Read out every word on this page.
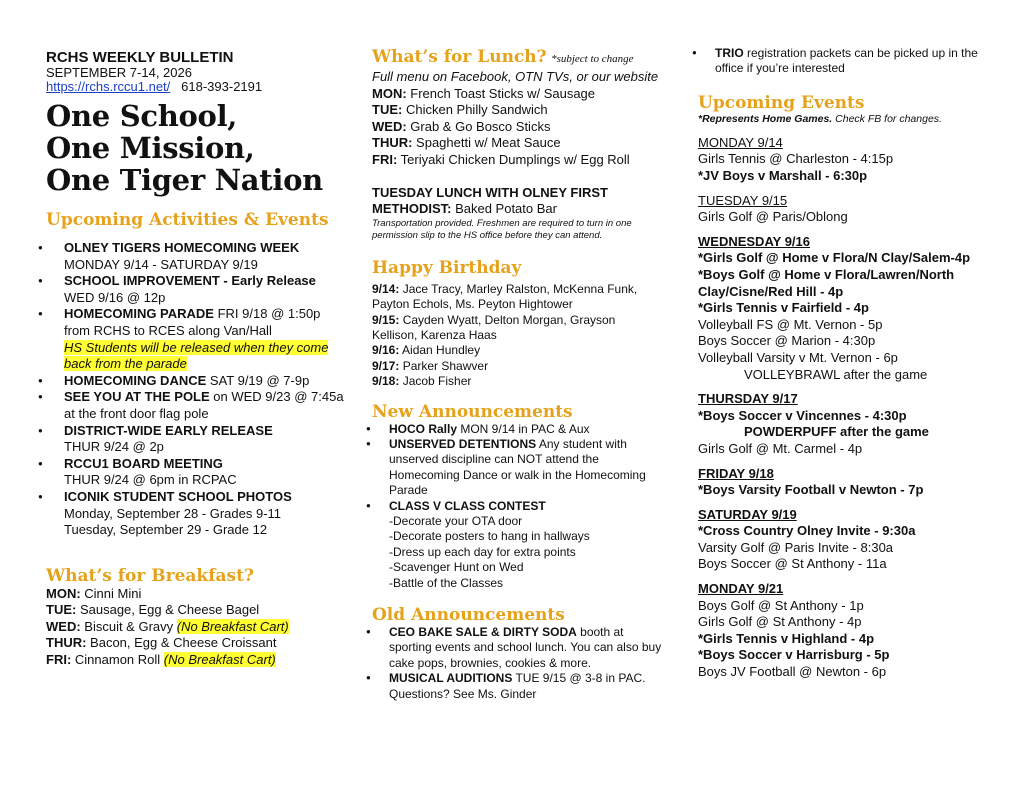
RCHS WEEKLY BULLETIN
SEPTEMBER 7-14, 2026
https://rchs.rccu1.net/ 618-393-2191
One School,
One Mission,
One Tiger Nation
Upcoming Activities & Events
● OLNEY TIGERS HOMECOMING WEEK
MONDAY 9/14 - SATURDAY 9/19
● SCHOOL IMPROVEMENT - Early Release
WED 9/16 @ 12p
● HOMECOMING PARADE FRI 9/18 @ 1:50p from RCHS to RCES along Van/Hall
HS Students will be released when they come back from the parade
● HOMECOMING DANCE SAT 9/19 @ 7-9p
● SEE YOU AT THE POLE on WED 9/23 @ 7:45a at the front door flag pole
● DISTRICT-WIDE EARLY RELEASE
THUR 9/24 @ 2p
● RCCU1 BOARD MEETING
THUR 9/24 @ 6pm in RCPAC
● ICONIK STUDENT SCHOOL PHOTOS
Monday, September 28 - Grades 9-11
Tuesday, September 29 - Grade 12
What’s for Breakfast?
MON: Cinni Mini
TUE: Sausage, Egg & Cheese Bagel
WED: Biscuit & Gravy (No Breakfast Cart)
THUR: Bacon, Egg & Cheese Croissant
FRI: Cinnamon Roll (No Breakfast Cart)
What’s for Lunch? *subject to change
Full menu on Facebook, OTN TVs, or our website
MON: French Toast Sticks w/ Sausage
TUE: Chicken Philly Sandwich
WED: Grab & Go Bosco Sticks
THUR: Spaghetti w/ Meat Sauce
FRI: Teriyaki Chicken Dumplings w/ Egg Roll
TUESDAY LUNCH WITH OLNEY FIRST METHODIST: Baked Potato Bar
Transportation provided. Freshmen are required to turn in one permission slip to the HS office before they can attend.
Happy Birthday
9/14: Jace Tracy, Marley Ralston, McKenna Funk, Payton Echols, Ms. Peyton Hightower
9/15: Cayden Wyatt, Delton Morgan, Grayson Kellison, Karenza Haas
9/16: Aidan Hundley
9/17: Parker Shawver
9/18: Jacob Fisher
New Announcements
● HOCO Rally MON 9/14 in PAC & Aux
● UNSERVED DETENTIONS Any student with unserved discipline can NOT attend the Homecoming Dance or walk in the Homecoming Parade
● CLASS V CLASS CONTEST
-Decorate your OTA door
-Decorate posters to hang in hallways
-Dress up each day for extra points
-Scavenger Hunt on Wed
-Battle of the Classes
Old Announcements
● CEO BAKE SALE & DIRTY SODA booth at sporting events and school lunch. You can also buy cake pops, brownies, cookies & more.
● MUSICAL AUDITIONS TUE 9/15 @ 3-8 in PAC. Questions? See Ms. Ginder
● TRIO registration packets can be picked up in the office if you’re interested
Upcoming Events
*Represents Home Games. Check FB for changes.
MONDAY 9/14
Girls Tennis @ Charleston - 4:15p
*JV Boys v Marshall - 6:30p
TUESDAY 9/15
Girls Golf @ Paris/Oblong
WEDNESDAY 9/16
*Girls Golf @ Home v Flora/N Clay/Salem-4p
*Boys Golf @ Home v Flora/Lawren/North Clay/Cisne/Red Hill - 4p
*Girls Tennis v Fairfield - 4p
Volleyball FS @ Mt. Vernon - 5p
Boys Soccer @ Marion - 4:30p
Volleyball Varsity v Mt. Vernon - 6p
VOLLEYBRAWL after the game
THURSDAY 9/17
*Boys Soccer v Vincennes - 4:30p
POWDERPUFF after the game
Girls Golf @ Mt. Carmel - 4p
FRIDAY 9/18
*Boys Varsity Football v Newton - 7p
SATURDAY 9/19
*Cross Country Olney Invite - 9:30a
Varsity Golf @ Paris Invite - 8:30a
Boys Soccer @ St Anthony - 11a
MONDAY 9/21
Boys Golf @ St Anthony - 1p
Girls Golf @ St Anthony - 4p
*Girls Tennis v Highland - 4p
*Boys Soccer v Harrisburg - 5p
Boys JV Football @ Newton - 6p
